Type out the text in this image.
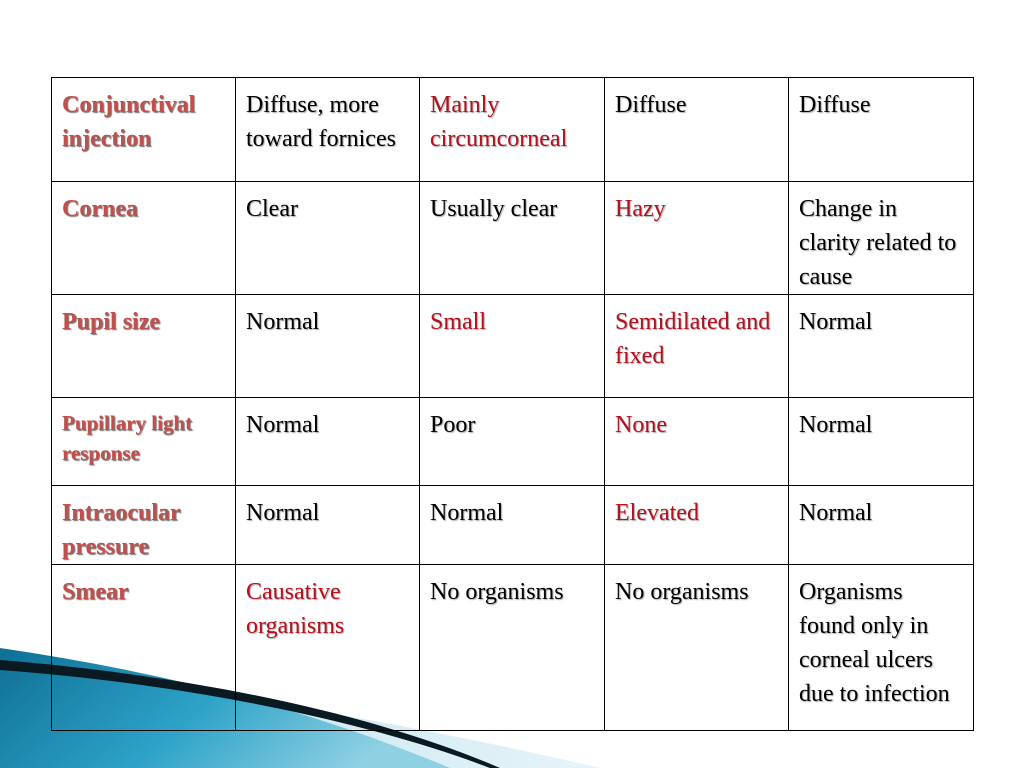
Conjunctival injection	Diffuse, more toward fornices	Mainly circumcorneal	Diffuse	Diffuse

Cornea	Clear	Usually clear	Hazy	Change in clarity related to cause

Pupil size	Normal	Small	Semidilated and fixed	Normal

Pupillary light response	Normal	Poor	None	Normal

Intraocular pressure	Normal	Normal	Elevated	Normal

Smear	Causative organisms	No organisms	No organisms	Organisms found only in corneal ulcers due to infection
